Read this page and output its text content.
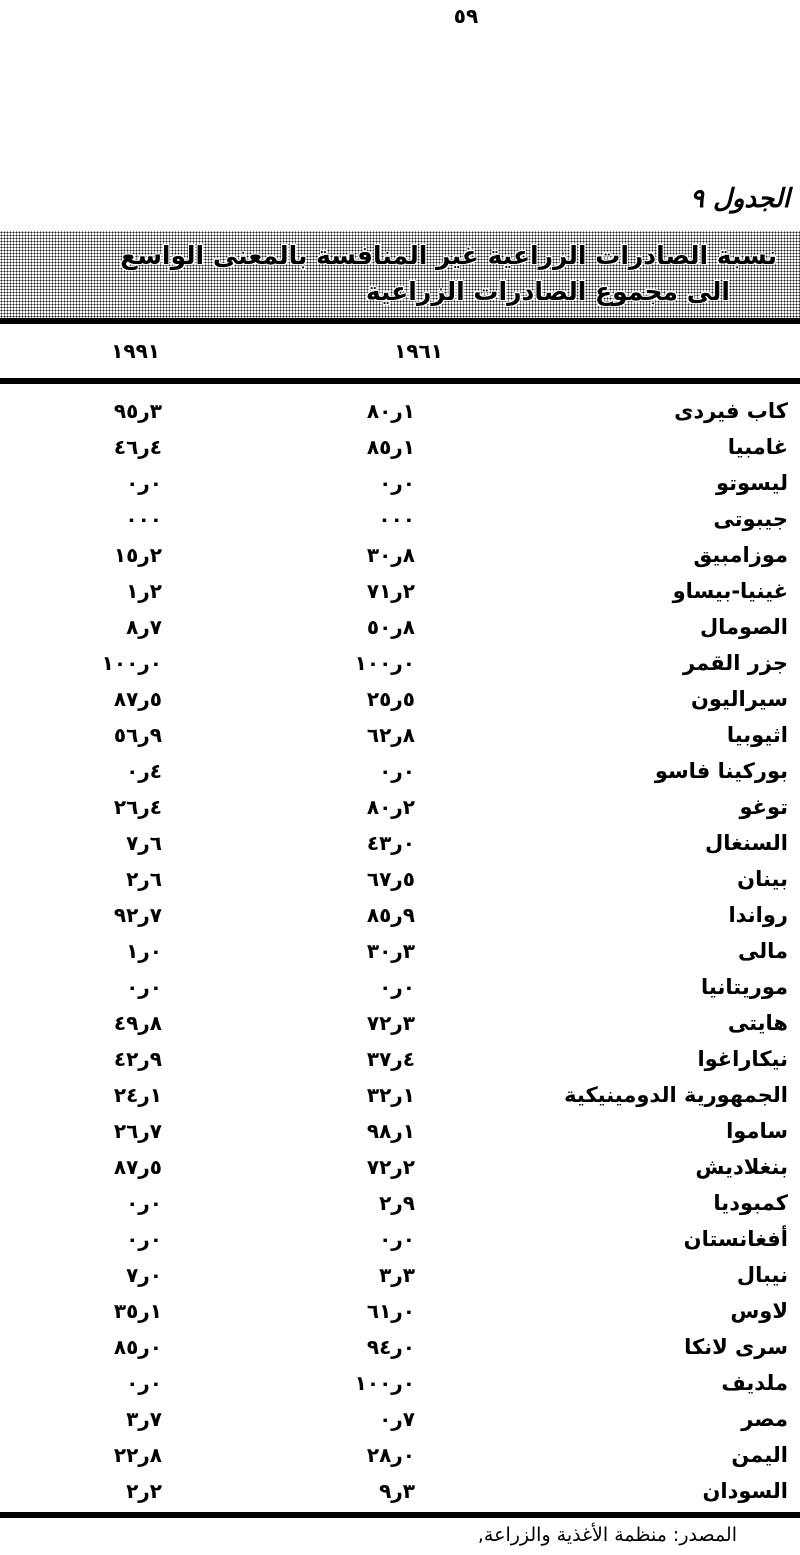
٥٩
الجدول ٩
نسبة الصادرات الزراعية غير المنافسة بالمعنى الواسع
الى مجموع الصادرات الزراعية
١٩٩١	١٩٦١
كاب فيردى
٨٠ر١
٩٥ر٣
غامبيا
٨٥ر١
٤٦ر٤
ليسوتو
٠ر٠
٠ر٠
جيبوتى
٠٠٠
٠٠٠
موزامبيق
٣٠ر٨
١٥ر٢
غينيا-بيساو
٧١ر٢
١ر٢
الصومال
٥٠ر٨
٨ر٧
جزر القمر
١٠٠ر٠
١٠٠ر٠
سيراليون
٢٥ر٥
٨٧ر٥
اثيوبيا
٦٢ر٨
٥٦ر٩
بوركينا فاسو
٠ر٠
٠ر٤
توغو
٨٠ر٢
٢٦ر٤
السنغال
٤٣ر٠
٧ر٦
بينان
٦٧ر٥
٢ر٦
رواندا
٨٥ر٩
٩٢ر٧
مالى
٣٠ر٣
١ر٠
موريتانيا
٠ر٠
٠ر٠
هايتى
٧٢ر٣
٤٩ر٨
نيكاراغوا
٣٧ر٤
٤٢ر٩
الجمهورية الدومينيكية
٣٢ر١
٢٤ر١
ساموا
٩٨ر١
٢٦ر٧
بنغلاديش
٧٢ر٢
٨٧ر٥
كمبوديا
٢ر٩
٠ر٠
أفغانستان
٠ر٠
٠ر٠
نيبال
٣ر٣
٧ر٠
لاوس
٦١ر٠
٣٥ر١
سرى لانكا
٩٤ر٠
٨٥ر٠
ملديف
١٠٠ر٠
٠ر٠
مصر
٠ر٧
٣ر٧
اليمن
٢٨ر٠
٢٢ر٨
السودان
٩ر٣
٢ر٢
المصدر: منظمة الأغذية والزراعة,
